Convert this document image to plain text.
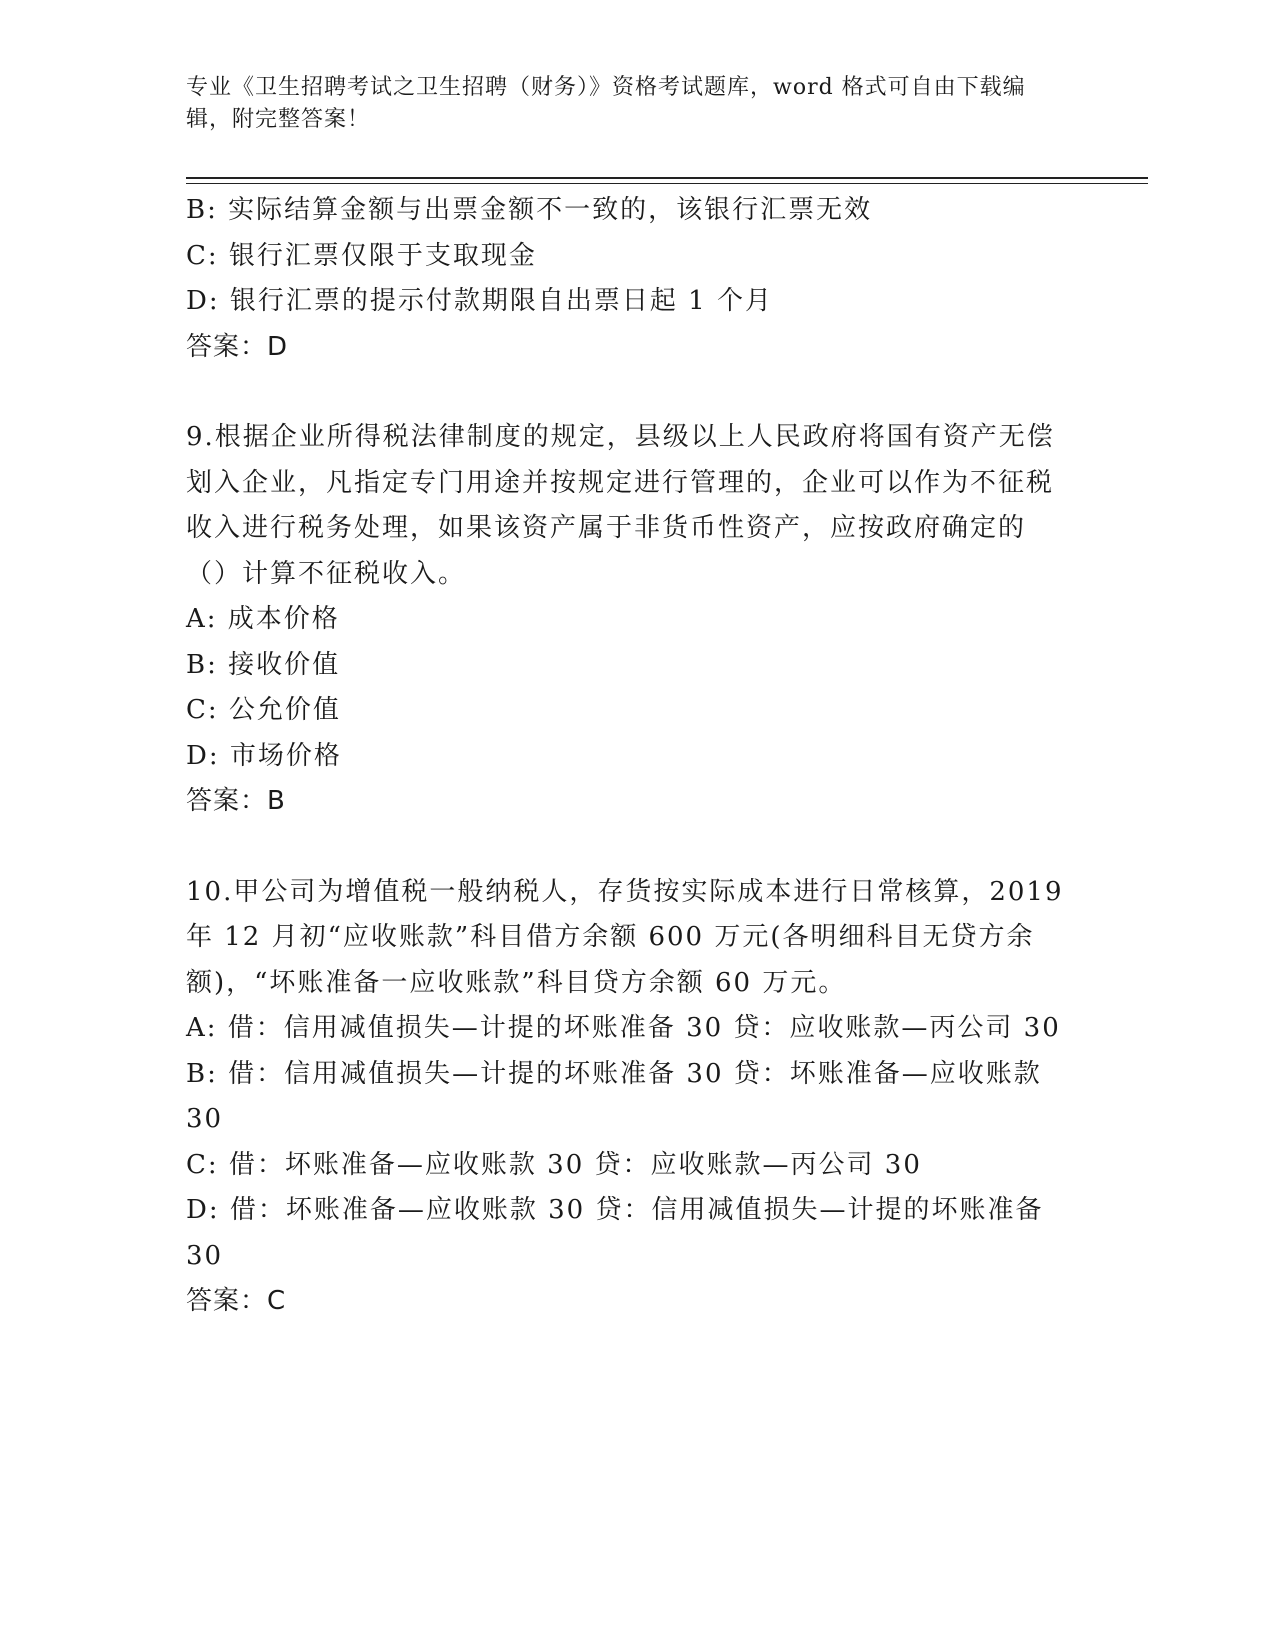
专业《卫生招聘考试之卫生招聘（财务）》资格考试题库，word 格式可自由下载编辑，附完整答案！
B: 实际结算金额与出票金额不一致的，该银行汇票无效
C: 银行汇票仅限于支取现金
D: 银行汇票的提示付款期限自出票日起 1 个月
答案：D
9.根据企业所得税法律制度的规定，县级以上人民政府将国有资产无偿划入企业，凡指定专门用途并按规定进行管理的，企业可以作为不征税收入进行税务处理，如果该资产属于非货币性资产，应按政府确定的（）计算不征税收入。
A: 成本价格
B: 接收价值
C: 公允价值
D: 市场价格
答案：B
10.甲公司为增值税一般纳税人，存货按实际成本进行日常核算，2019 年 12 月初“应收账款”科目借方余额 600 万元(各明细科目无贷方余额)，“坏账准备一应收账款”科目贷方余额 60 万元。
A: 借：信用减值损失—计提的坏账准备 30 贷：应收账款—丙公司 30
B: 借：信用减值损失—计提的坏账准备 30 贷：坏账准备—应收账款 30
C: 借：坏账准备—应收账款 30 贷：应收账款—丙公司 30
D: 借：坏账准备—应收账款 30 贷：信用减值损失—计提的坏账准备 30
答案：C
